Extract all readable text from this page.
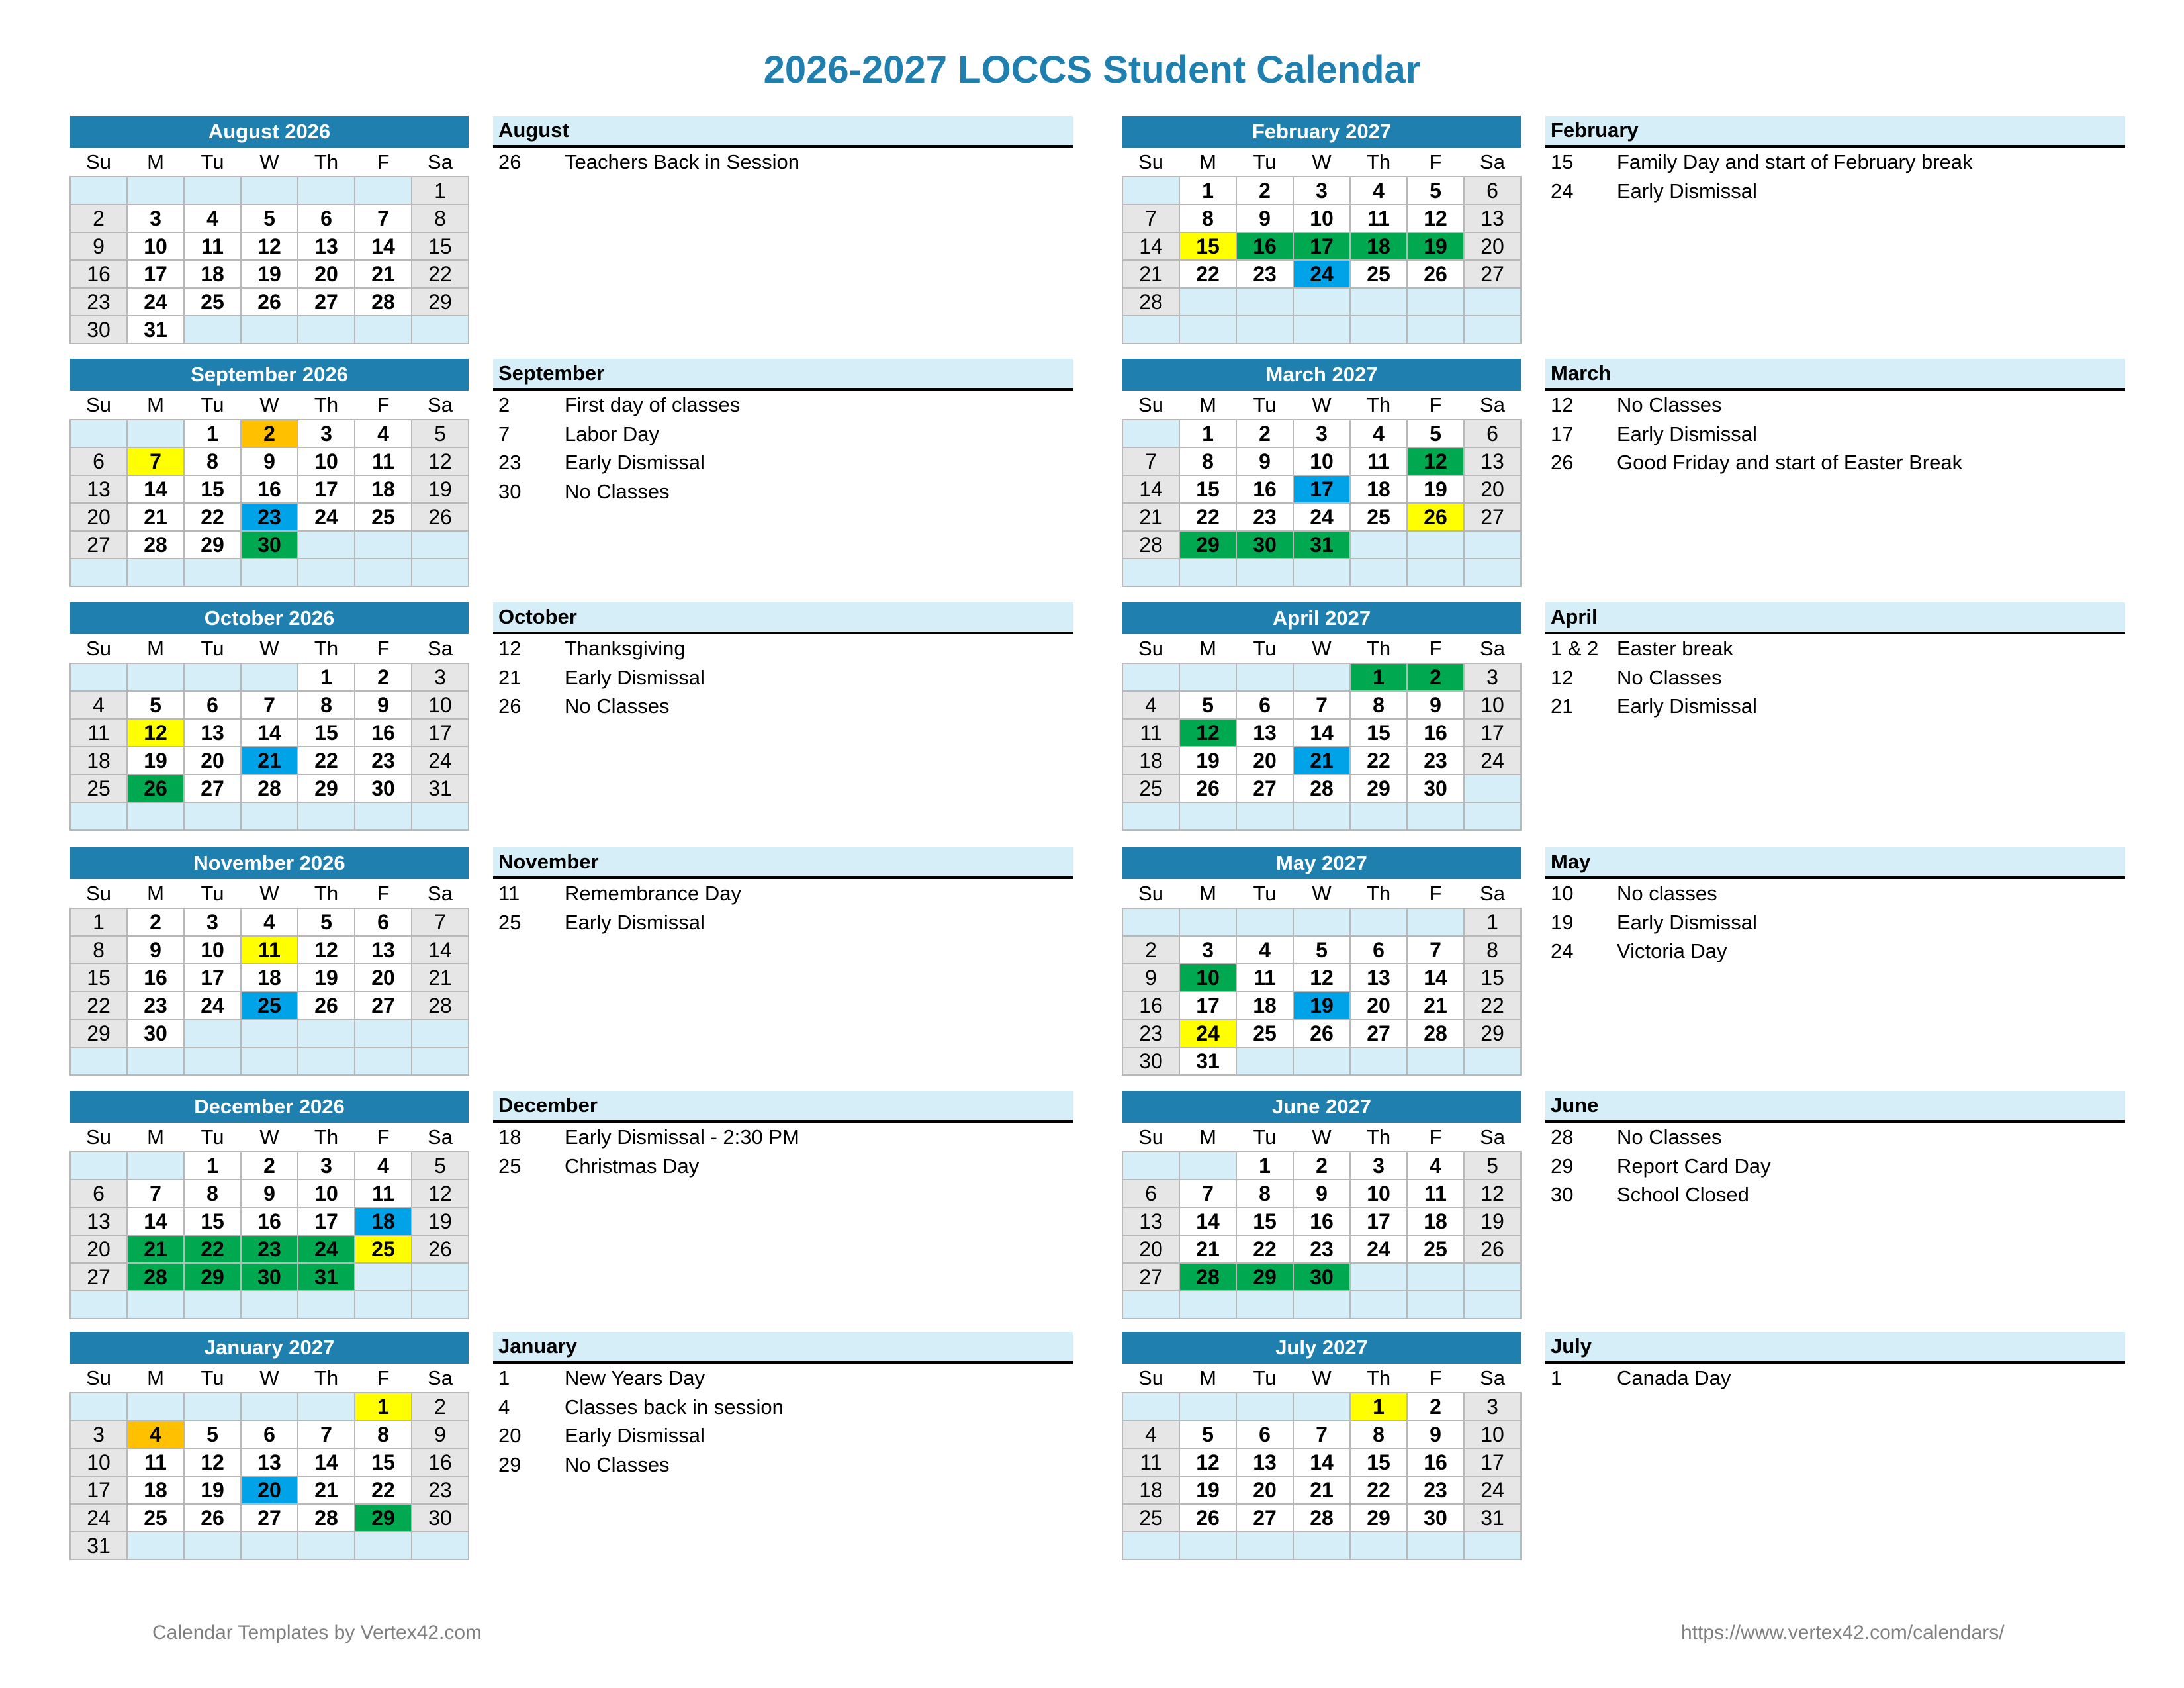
2026-2027 LOCCS Student Calendar
August 2026						
Su	M	Tu	W	Th	F	Sa
						1
2	3	4	5	6	7	8
9	10	11	12	13	14	15
16	17	18	19	20	21	22
23	24	25	26	27	28	29
30	31					
August
26 Teachers Back in Session
September 2026						
Su	M	Tu	W	Th	F	Sa
		1	2	3	4	5
6	7	8	9	10	11	12
13	14	15	16	17	18	19
20	21	22	23	24	25	26
27	28	29	30			

September
2	First day of classes
7	Labor Day
23 Early Dismissal
30 No Classes
October 2026						
Su	M	Tu	W	Th	F	Sa
				1	2	3
4	5	6	7	8	9	10
11	12	13	14	15	16	17
18	19	20	21	22	23	24
25	26	27	28	29	30	31

October
12 Thanksgiving
21 Early Dismissal
26 No Classes
November 2026						
Su	M	Tu	W	Th	F	Sa
1	2	3	4	5	6	7
8	9	10	11	12	13	14
15	16	17	18	19	20	21
22	23	24	25	26	27	28
29	30					

November
11 Remembrance Day
25 Early Dismissal
December 2026						
Su	M	Tu	W	Th	F	Sa
		1	2	3	4	5
6	7	8	9	10	11	12
13	14	15	16	17	18	19
20	21	22	23	24	25	26
27	28	29	30	31		

December
18 Early Dismissal - 2:30 PM
25 Christmas Day
January 2027						
Su	M	Tu	W	Th	F	Sa
					1	2
3	4	5	6	7	8	9
10	11	12	13	14	15	16
17	18	19	20	21	22	23
24	25	26	27	28	29	30
31						
January
1	New Years Day
4	Classes back in session
20 Early Dismissal
29 No Classes
February 2027						
Su	M	Tu	W	Th	F	Sa
	1	2	3	4	5	6
7	8	9	10	11	12	13
14	15	16	17	18	19	20
21	22	23	24	25	26	27
28						

February
15 Family Day and start of February break
24 Early Dismissal
March 2027						
Su	M	Tu	W	Th	F	Sa
	1	2	3	4	5	6
7	8	9	10	11	12	13
14	15	16	17	18	19	20
21	22	23	24	25	26	27
28	29	30	31			

March
12 No Classes
17 Early Dismissal
26 Good Friday and start of Easter Break
April 2027						
Su	M	Tu	W	Th	F	Sa
				1	2	3
4	5	6	7	8	9	10
11	12	13	14	15	16	17
18	19	20	21	22	23	24
25	26	27	28	29	30	

April
1 & 2 Easter break
12 No Classes
21 Early Dismissal
May 2027						
Su	M	Tu	W	Th	F	Sa
						1
2	3	4	5	6	7	8
9	10	11	12	13	14	15
16	17	18	19	20	21	22
23	24	25	26	27	28	29
30	31					
May
10 No classes
19 Early Dismissal
24 Victoria Day
June 2027						
Su	M	Tu	W	Th	F	Sa
		1	2	3	4	5
6	7	8	9	10	11	12
13	14	15	16	17	18	19
20	21	22	23	24	25	26
27	28	29	30			

June
28 No Classes
29 Report Card Day
30 School Closed
July 2027						
Su	M	Tu	W	Th	F	Sa
				1	2	3
4	5	6	7	8	9	10
11	12	13	14	15	16	17
18	19	20	21	22	23	24
25	26	27	28	29	30	31

July
1	Canada Day
Calendar Templates by Vertex42.com	https://www.vertex42.com/calendars/
